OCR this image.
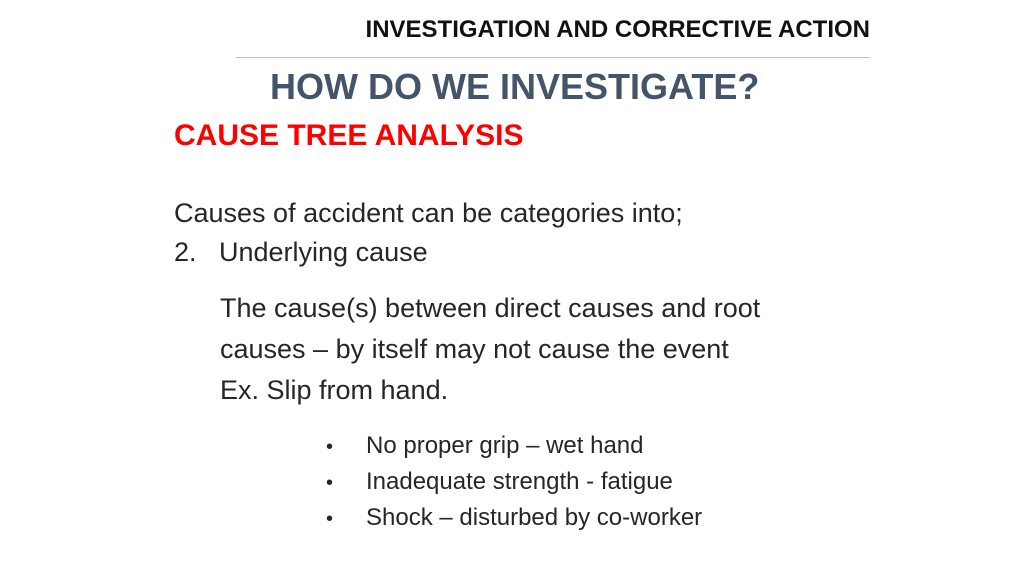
INVESTIGATION AND CORRECTIVE ACTION
HOW DO WE INVESTIGATE?
CAUSE TREE ANALYSIS
Causes of accident can be categories into;
2. Underlying cause
The cause(s) between direct causes and root
causes – by itself may not cause the event
Ex. Slip from hand.
• No proper grip – wet hand
• Inadequate strength - fatigue
• Shock – disturbed by co-worker
